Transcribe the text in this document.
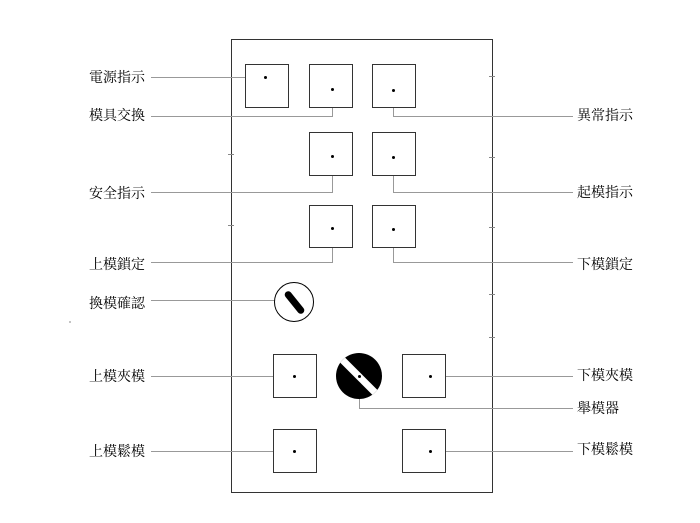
電源指示
模具交換
安全指示
上模鎖定
換模確認
上模夾模
上模鬆模
異常指示
起模指示
下模鎖定
下模夾模
舉模器
下模鬆模
